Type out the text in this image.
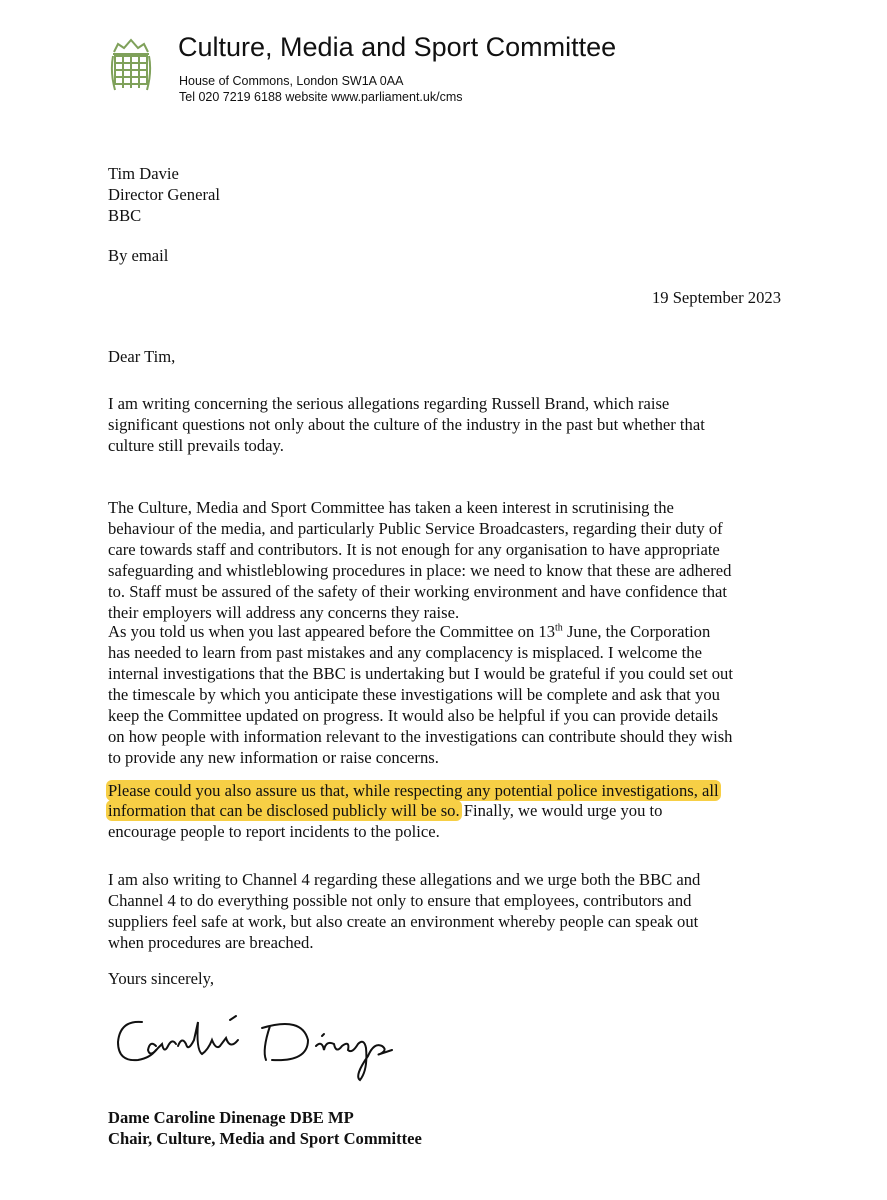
Culture, Media and Sport Committee
House of Commons, London SW1A 0AA
Tel 020 7219 6188 website www.parliament.uk/cms
Tim Davie
Director General
BBC
By email
19 September 2023
Dear Tim,
I am writing concerning the serious allegations regarding Russell Brand, which raise
significant questions not only about the culture of the industry in the past but whether that
culture still prevails today.
The Culture, Media and Sport Committee has taken a keen interest in scrutinising the
behaviour of the media, and particularly Public Service Broadcasters, regarding their duty of
care towards staff and contributors. It is not enough for any organisation to have appropriate
safeguarding and whistleblowing procedures in place: we need to know that these are adhered
to. Staff must be assured of the safety of their working environment and have confidence that
their employers will address any concerns they raise.
As you told us when you last appeared before the Committee on 13th June, the Corporation
has needed to learn from past mistakes and any complacency is misplaced. I welcome the
internal investigations that the BBC is undertaking but I would be grateful if you could set out
the timescale by which you anticipate these investigations will be complete and ask that you
keep the Committee updated on progress. It would also be helpful if you can provide details
on how people with information relevant to the investigations can contribute should they wish
to provide any new information or raise concerns.
Please could you also assure us that, while respecting any potential police investigations, all
information that can be disclosed publicly will be so. Finally, we would urge you to
encourage people to report incidents to the police.
I am also writing to Channel 4 regarding these allegations and we urge both the BBC and
Channel 4 to do everything possible not only to ensure that employees, contributors and
suppliers feel safe at work, but also create an environment whereby people can speak out
when procedures are breached.
Yours sincerely,
Dame Caroline Dinenage DBE MP
Chair, Culture, Media and Sport Committee
